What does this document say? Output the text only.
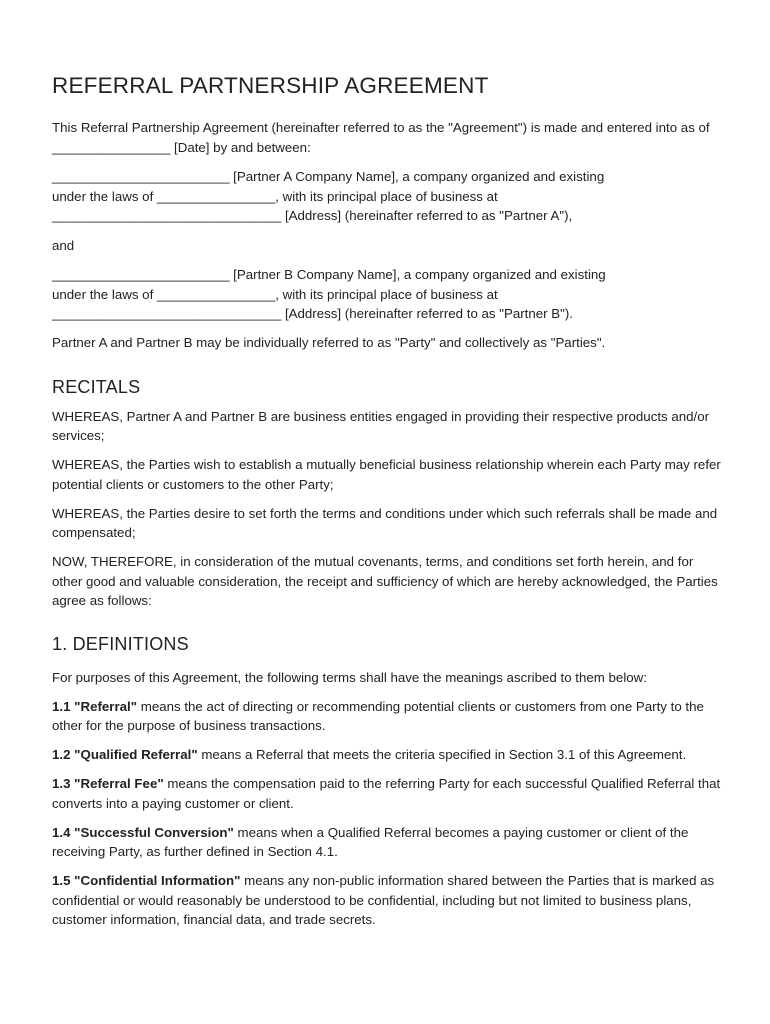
REFERRAL PARTNERSHIP AGREEMENT

This Referral Partnership Agreement (hereinafter referred to as the "Agreement") is made and entered into as of ________________ [Date] by and between:

________________________ [Partner A Company Name], a company organized and existing
under the laws of ________________, with its principal place of business at
_______________________________ [Address] (hereinafter referred to as "Partner A"),

and

________________________ [Partner B Company Name], a company organized and existing
under the laws of ________________, with its principal place of business at
_______________________________ [Address] (hereinafter referred to as "Partner B").

Partner A and Partner B may be individually referred to as "Party" and collectively as "Parties".

RECITALS

WHEREAS, Partner A and Partner B are business entities engaged in providing their respective products and/or services;

WHEREAS, the Parties wish to establish a mutually beneficial business relationship wherein each Party may refer potential clients or customers to the other Party;

WHEREAS, the Parties desire to set forth the terms and conditions under which such referrals shall be made and compensated;

NOW, THEREFORE, in consideration of the mutual covenants, terms, and conditions set forth herein, and for other good and valuable consideration, the receipt and sufficiency of which are hereby acknowledged, the Parties agree as follows:

1. DEFINITIONS

For purposes of this Agreement, the following terms shall have the meanings ascribed to them below:

1.1 "Referral" means the act of directing or recommending potential clients or customers from one Party to the other for the purpose of business transactions.

1.2 "Qualified Referral" means a Referral that meets the criteria specified in Section 3.1 of this Agreement.

1.3 "Referral Fee" means the compensation paid to the referring Party for each successful Qualified Referral that converts into a paying customer or client.

1.4 "Successful Conversion" means when a Qualified Referral becomes a paying customer or client of the receiving Party, as further defined in Section 4.1.

1.5 "Confidential Information" means any non-public information shared between the Parties that is marked as confidential or would reasonably be understood to be confidential, including but not limited to business plans, customer information, financial data, and trade secrets.
